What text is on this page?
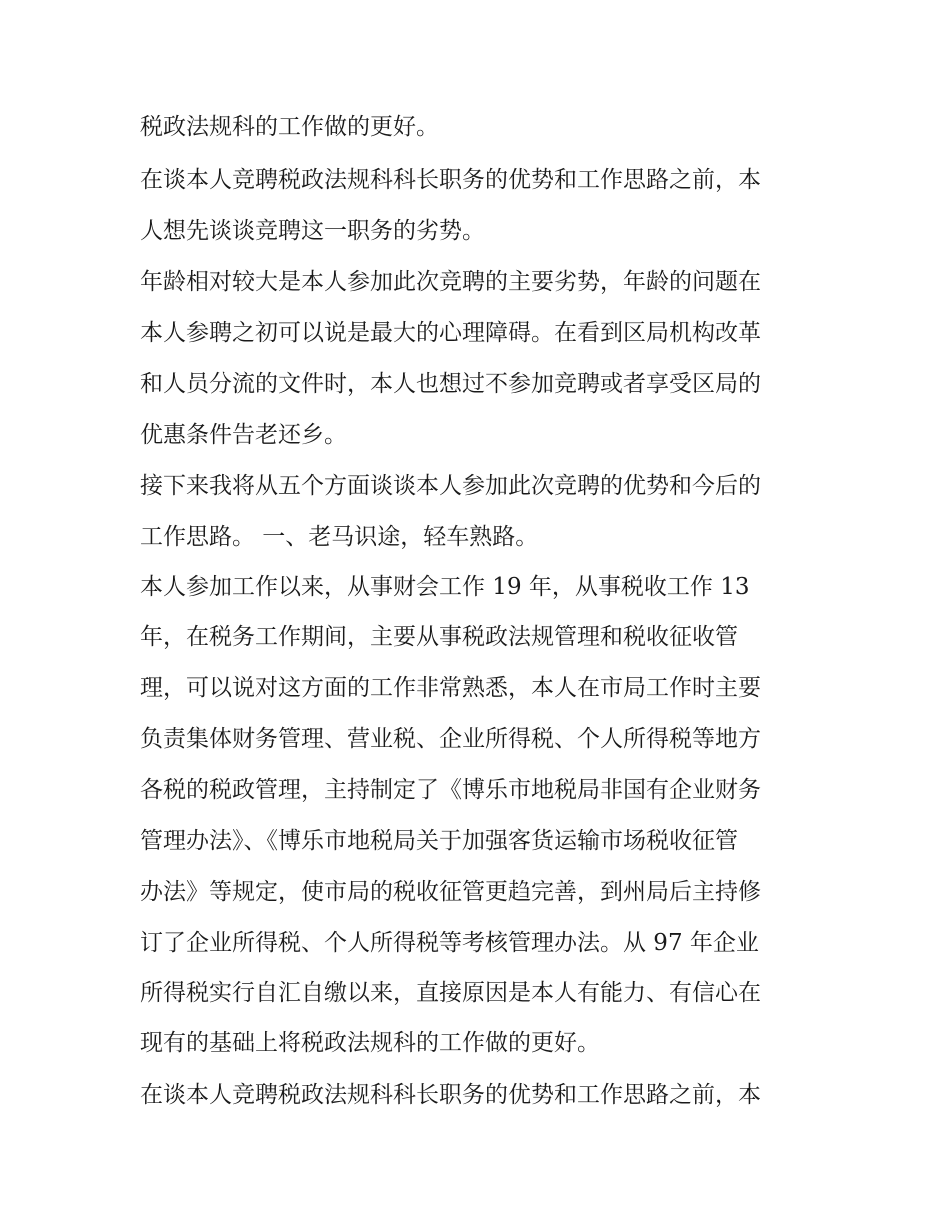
税政法规科的工作做的更好。
在谈本人竞聘税政法规科科长职务的优势和工作思路之前，本
人想先谈谈竞聘这一职务的劣势。
年龄相对较大是本人参加此次竞聘的主要劣势，年龄的问题在
本人参聘之初可以说是最大的心理障碍。在看到区局机构改革
和人员分流的文件时，本人也想过不参加竞聘或者享受区局的
优惠条件告老还乡。
接下来我将从五个方面谈谈本人参加此次竞聘的优势和今后的
工作思路。 一、老马识途，轻车熟路。
本人参加工作以来，从事财会工作 19 年，从事税收工作 13
年，在税务工作期间，主要从事税政法规管理和税收征收管
理，可以说对这方面的工作非常熟悉，本人在市局工作时主要
负责集体财务管理、营业税、企业所得税、个人所得税等地方
各税的税政管理，主持制定了《博乐市地税局非国有企业财务
管理办法》、《博乐市地税局关于加强客货运输市场税收征管
办法》等规定，使市局的税收征管更趋完善，到州局后主持修
订了企业所得税、个人所得税等考核管理办法。从 97 年企业
所得税实行自汇自缴以来，直接原因是本人有能力、有信心在
现有的基础上将税政法规科的工作做的更好。
在谈本人竞聘税政法规科科长职务的优势和工作思路之前，本
